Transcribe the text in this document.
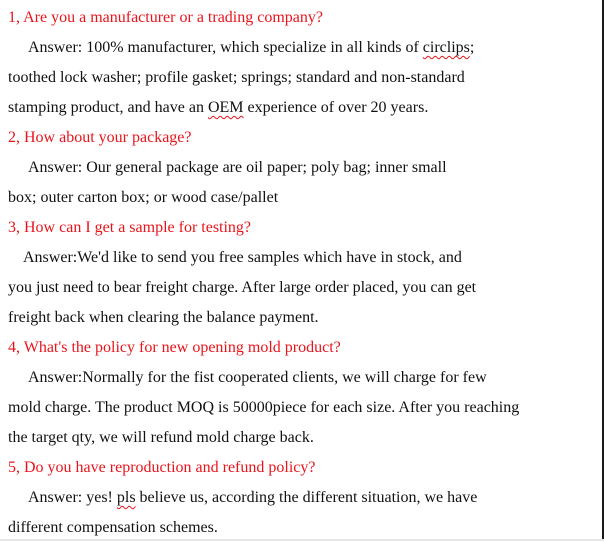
1, Are you a manufacturer or a trading company?
Answer: 100% manufacturer, which specialize in all kinds of circlips;
toothed lock washer; profile gasket; springs; standard and non-standard
stamping product, and have an OEM experience of over 20 years.
2, How about your package?
Answer: Our general package are oil paper; poly bag; inner small
box; outer carton box; or wood case/pallet
3, How can I get a sample for testing?
Answer:We'd like to send you free samples which have in stock, and
you just need to bear freight charge. After large order placed, you can get
freight back when clearing the balance payment.
4, What's the policy for new opening mold product?
Answer:Normally for the fist cooperated clients, we will charge for few
mold charge. The product MOQ is 50000piece for each size. After you reaching
the target qty, we will refund mold charge back.
5, Do you have reproduction and refund policy?
Answer: yes! pls believe us, according the different situation, we have
different compensation schemes.
